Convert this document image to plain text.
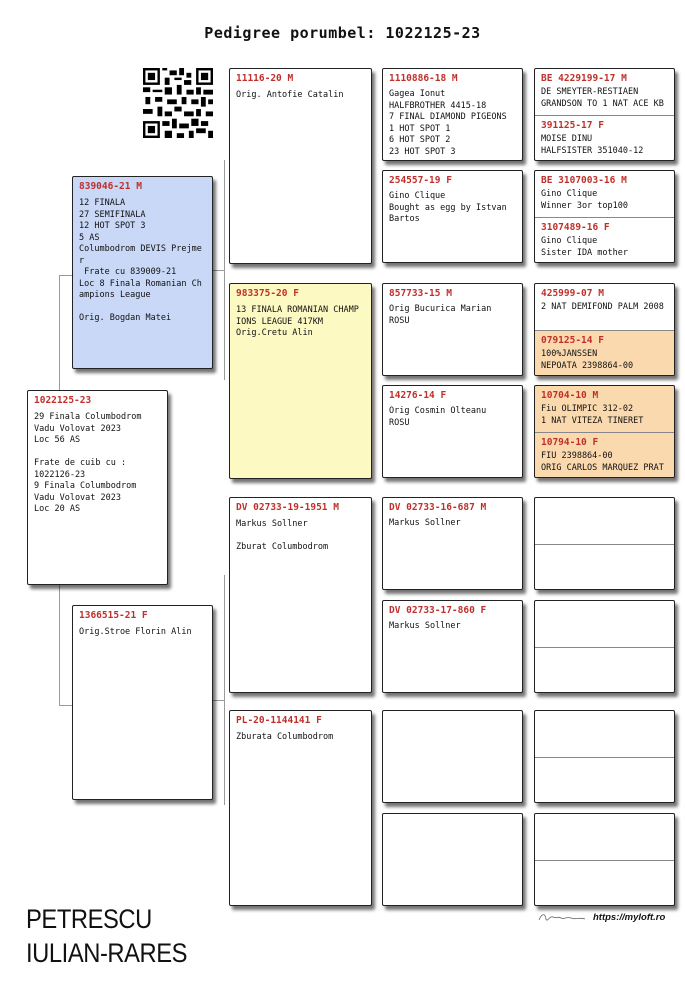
Pedigree porumbel: 1022125-23
1022125-23
29 Finala Columbodrom
Vadu Volovat 2023
Loc 56 AS

Frate de cuib cu :
1022126-23
9 Finala Columbodrom
Vadu Volovat 2023
Loc 20 AS
839046-21 M
12 FINALA
27 SEMIFINALA
12 HOT SPOT 3
5 AS
Columbodrom DEVIS Prejme
r
Frate cu 839009-21
Loc 8 Finala Romanian Ch
ampions League

Orig. Bogdan Matei
1366515-21 F
Orig.Stroe Florin Alin
11116-20 M
Orig. Antofie Catalin
983375-20 F
13 FINALA ROMANIAN CHAMP
IONS LEAGUE 417KM
Orig.Cretu Alin
DV 02733-19-1951 M
Markus Sollner

Zburat Columbodrom
PL-20-1144141 F
Zburata Columbodrom
1110886-18 M
Gagea Ionut
HALFBROTHER 4415-18
7 FINAL DIAMOND PIGEONS
1 HOT SPOT 1
6 HOT SPOT 2
23 HOT SPOT 3
254557-19 F
Gino Clique
Bought as egg by Istvan
Bartos
857733-15 M
Orig Bucurica Marian
ROSU
14276-14 F
Orig Cosmin Olteanu
ROSU
DV 02733-16-687 M
Markus Sollner
DV 02733-17-860 F
Markus Sollner
BE 4229199-17 M
DE SMEYTER-RESTIAEN
GRANDSON TO 1 NAT ACE KB
391125-17 F
MOISE DINU
HALFSISTER 351040-12
BE 3107003-16 M
Gino Clique
Winner 3or top100
3107489-16 F
Gino Clique
Sister IDA mother
425999-07 M
2 NAT DEMIFOND PALM 2008
079125-14 F
100%JANSSEN
NEPOATA 2398864-00
10704-10 M
Fiu OLIMPIC 312-02
1 NAT VITEZA TINERET
10794-10 F
FIU 2398864-00
ORIG CARLOS MARQUEZ PRAT
PETRESCU
IULIAN-RARES
https://myloft.ro
